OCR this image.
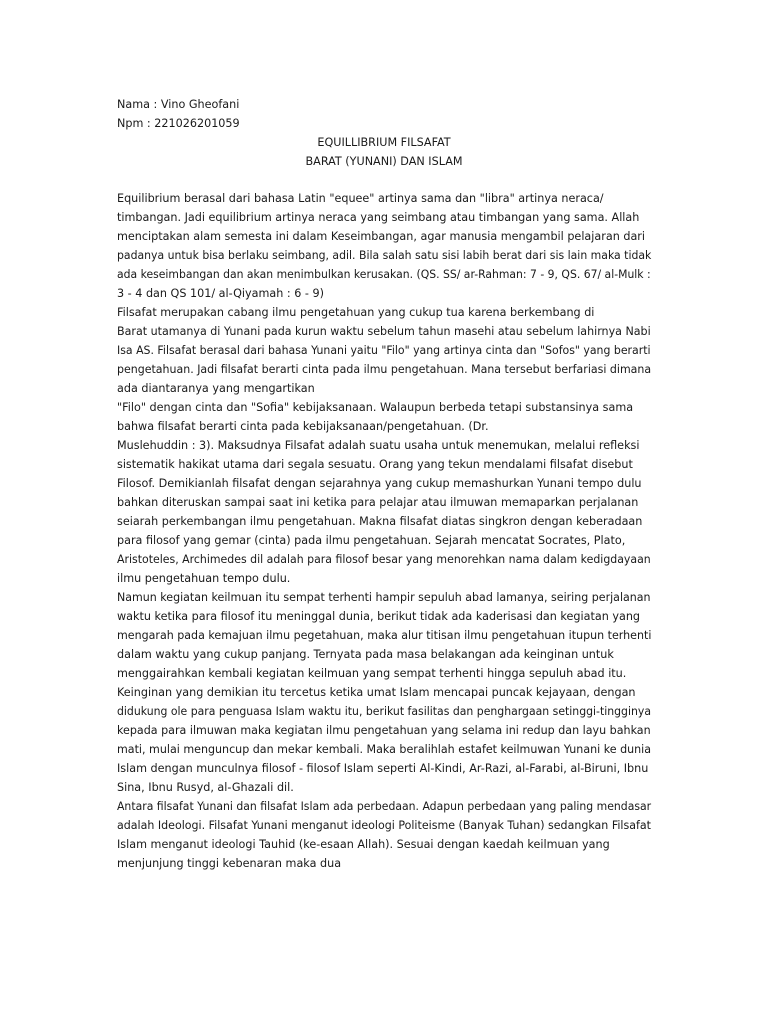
Nama : Vino Gheofani
Npm : 221026201059
EQUILLIBRIUM FILSAFAT
BARAT (YUNANI) DAN ISLAM
Equilibrium berasal dari bahasa Latin "equee" artinya sama dan "libra" artinya neraca/
timbangan. Jadi equilibrium artinya neraca yang seimbang atau timbangan yang sama. Allah
menciptakan alam semesta ini dalam Keseimbangan, agar manusia mengambil pelajaran dari
padanya untuk bisa berlaku seimbang, adil. Bila salah satu sisi labih berat dari sis lain maka tidak
ada keseimbangan dan akan menimbulkan kerusakan. (QS. SS/ ar-Rahman: 7 - 9, QS. 67/ al-Mulk :
3 - 4 dan QS 101/ al-Qiyamah : 6 - 9)
Filsafat merupakan cabang ilmu pengetahuan yang cukup tua karena berkembang di
Barat utamanya di Yunani pada kurun waktu sebelum tahun masehi atau sebelum lahirnya Nabi
Isa AS. Filsafat berasal dari bahasa Yunani yaitu "Filo" yang artinya cinta dan "Sofos" yang berarti
pengetahuan. Jadi filsafat berarti cinta pada ilmu pengetahuan. Mana tersebut berfariasi dimana
ada diantaranya yang mengartikan
"Filo" dengan cinta dan "Sofia" kebijaksanaan. Walaupun berbeda tetapi substansinya sama
bahwa filsafat berarti cinta pada kebijaksanaan/pengetahuan. (Dr.
Muslehuddin : 3). Maksudnya Filsafat adalah suatu usaha untuk menemukan, melalui refleksi
sistematik hakikat utama dari segala sesuatu. Orang yang tekun mendalami filsafat disebut
Filosof. Demikianlah filsafat dengan sejarahnya yang cukup memashurkan Yunani tempo dulu
bahkan diteruskan sampai saat ini ketika para pelajar atau ilmuwan memaparkan perjalanan
seiarah perkembangan ilmu pengetahuan. Makna filsafat diatas singkron dengan keberadaan
para filosof yang gemar (cinta) pada ilmu pengetahuan. Sejarah mencatat Socrates, Plato,
Aristoteles, Archimedes dil adalah para filosof besar yang menorehkan nama dalam kedigdayaan
ilmu pengetahuan tempo dulu.
Namun kegiatan keilmuan itu sempat terhenti hampir sepuluh abad lamanya, seiring perjalanan
waktu ketika para filosof itu meninggal dunia, berikut tidak ada kaderisasi dan kegiatan yang
mengarah pada kemajuan ilmu pegetahuan, maka alur titisan ilmu pengetahuan itupun terhenti
dalam waktu yang cukup panjang. Ternyata pada masa belakangan ada keinginan untuk
menggairahkan kembali kegiatan keilmuan yang sempat terhenti hingga sepuluh abad itu.
Keinginan yang demikian itu tercetus ketika umat Islam mencapai puncak kejayaan, dengan
didukung ole para penguasa Islam waktu itu, berikut fasilitas dan penghargaan setinggi-tingginya
kepada para ilmuwan maka kegiatan ilmu pengetahuan yang selama ini redup dan layu bahkan
mati, mulai menguncup dan mekar kembali. Maka beralihlah estafet keilmuwan Yunani ke dunia
Islam dengan munculnya filosof - filosof Islam seperti Al-Kindi, Ar-Razi, al-Farabi, al-Biruni, Ibnu
Sina, Ibnu Rusyd, al-Ghazali dil.
Antara filsafat Yunani dan filsafat Islam ada perbedaan. Adapun perbedaan yang paling mendasar
adalah Ideologi. Filsafat Yunani menganut ideologi Politeisme (Banyak Tuhan) sedangkan Filsafat
Islam menganut ideologi Tauhid (ke-esaan Allah). Sesuai dengan kaedah keilmuan yang
menjunjung tinggi kebenaran maka dua
